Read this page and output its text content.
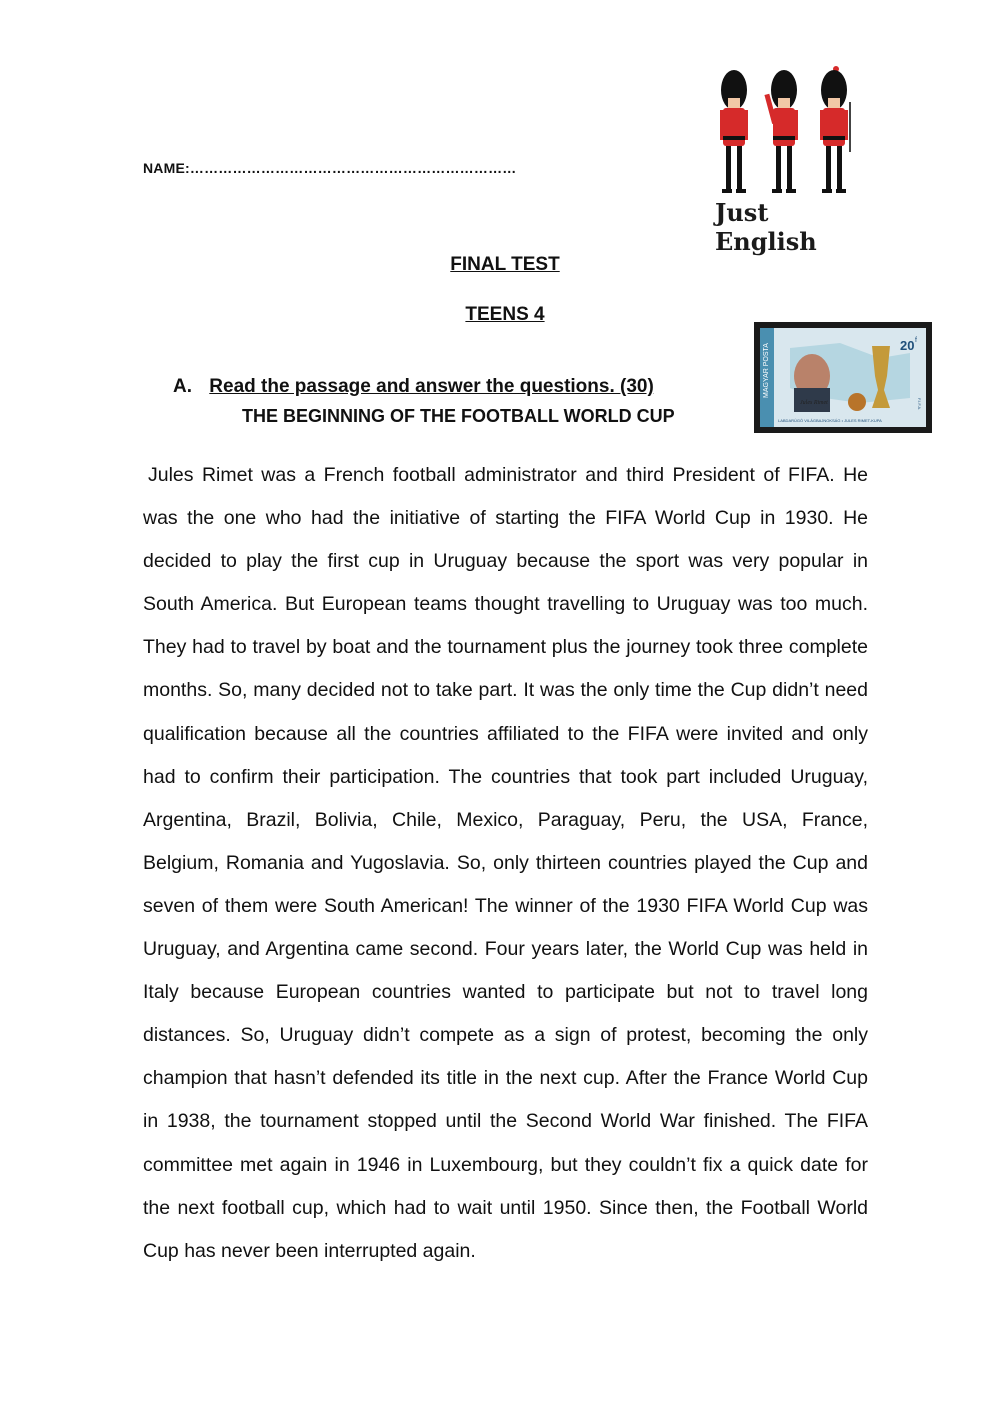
NAME:……………………………………………………………
Just English
FINAL TEST
TEENS 4
MAGYAR POSTA	20 f
Jules Rimet
LABDARÚGÓ VILÁGBAJNOKSÁG • JULES RIMET-KUPA
F.I.F.A.
A. Read the passage and answer the questions. (30)
THE BEGINNING OF THE FOOTBALL WORLD CUP

Jules Rimet was a French football administrator and third President of FIFA. He was the one who had the initiative of starting the FIFA World Cup in 1930. He decided to play the first cup in Uruguay because the sport was very popular in South America. But European teams thought travelling to Uruguay was too much. They had to travel by boat and the tournament plus the journey took three complete months. So, many decided not to take part. It was the only time the Cup didn’t need qualification because all the countries affiliated to the FIFA were invited and only had to confirm their participation. The countries that took part included Uruguay, Argentina, Brazil, Bolivia, Chile, Mexico, Paraguay, Peru, the USA, France, Belgium, Romania and Yugoslavia. So, only thirteen countries played the Cup and seven of them were South American! The winner of the 1930 FIFA World Cup was Uruguay, and Argentina came second. Four years later, the World Cup was held in Italy because European countries wanted to participate but not to travel long distances. So, Uruguay didn’t compete as a sign of protest, becoming the only champion that hasn’t defended its title in the next cup. After the France World Cup in 1938, the tournament stopped until the Second World War finished. The FIFA committee met again in 1946 in Luxembourg, but they couldn’t fix a quick date for the next football cup, which had to wait until 1950. Since then, the Football World Cup has never been interrupted again.
